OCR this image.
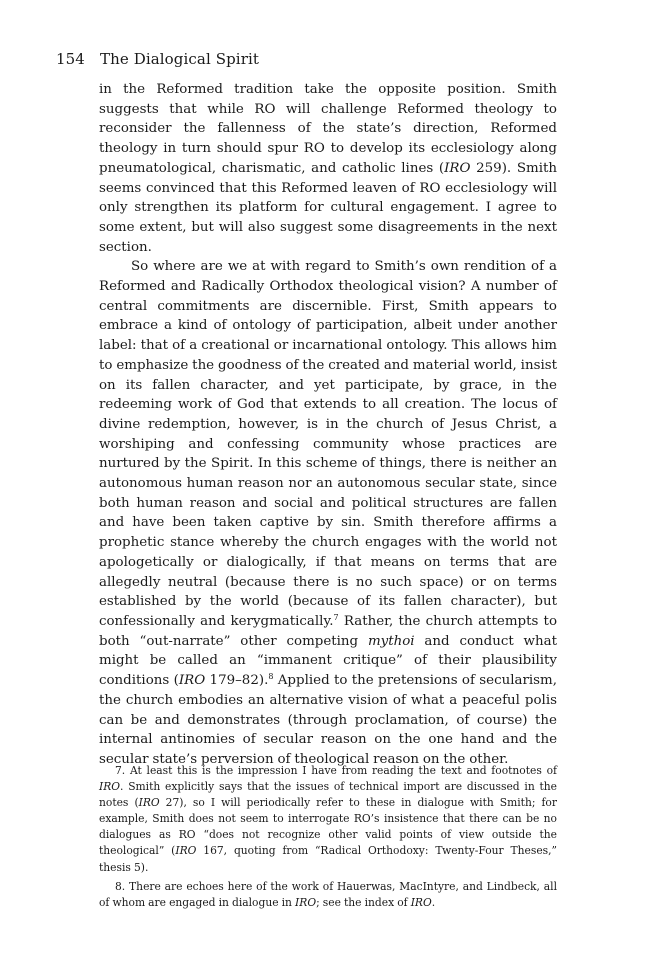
154 The Dialogical Spirit

in the Reformed tradition take the opposite position. Smith suggests that while RO will challenge Reformed theology to reconsider the fallenness of the state’s direction, Reformed theology in turn should spur RO to develop its ecclesiology along pneumatological, charismatic, and catholic lines (IRO 259). Smith seems convinced that this Reformed leaven of RO ecclesiology will only strengthen its platform for cultural engagement. I agree to some extent, but will also suggest some disagreements in the next section.

So where are we at with regard to Smith’s own rendition of a Reformed and Radically Orthodox theological vision? A number of central commitments are discernible. First, Smith appears to embrace a kind of ontology of participation, albeit under another label: that of a creational or incarnational ontology. This allows him to emphasize the goodness of the created and material world, insist on its fallen character, and yet participate, by grace, in the redeeming work of God that extends to all creation. The locus of divine redemption, however, is in the church of Jesus Christ, a worshiping and confessing community whose practices are nurtured by the Spirit. In this scheme of things, there is neither an autonomous human reason nor an autonomous secular state, since both human reason and social and political structures are fallen and have been taken captive by sin. Smith therefore affirms a prophetic stance whereby the church engages with the world not apologetically or dialogically, if that means on terms that are allegedly neutral (because there is no such space) or on terms established by the world (because of its fallen character), but confessionally and kerygmatically.$^7$ Rather, the church attempts to both “out-narrate” other competing mythoi and conduct what might be called an “immanent critique” of their plausibility conditions (IRO 179–82).$^8$ Applied to the pretensions of secularism, the church embodies an alternative vision of what a peaceful polis can be and demonstrates (through proclamation, of course) the internal antinomies of secular reason on the one hand and the secular state’s perversion of theological reason on the other.

7. At least this is the impression I have from reading the text and footnotes of IRO. Smith explicitly says that the issues of technical import are discussed in the notes (IRO 27), so I will periodically refer to these in dialogue with Smith; for example, Smith does not seem to interrogate RO’s insistence that there can be no dialogues as RO “does not recognize other valid points of view outside the theological” (IRO 167, quoting from “Radical Orthodoxy: Twenty-Four Theses,” thesis 5).

8. There are echoes here of the work of Hauerwas, MacIntyre, and Lindbeck, all of whom are engaged in dialogue in IRO; see the index of IRO.
